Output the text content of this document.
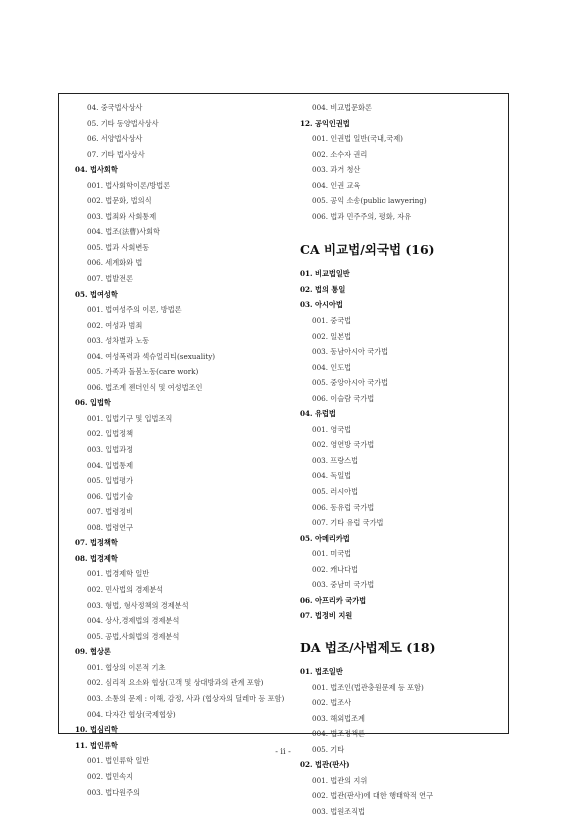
04. 중국법사상사
05. 기타 동양법사상사
06. 서양법사상사
07. 기타 법사상사
04. 법사회학
001. 법사회학이론/방법론
002. 법문화, 법의식
003. 법죄와 사회통제
004. 법조(法曹)사회학
005. 법과 사회변동
006. 세계화와 법
007. 법발전론
05. 법여성학
001. 법여성주의 이론, 방법론
002. 여성과 범죄
003. 성차별과 노동
004. 여성폭력과 섹슈얼리티(sexuality)
005. 가족과 돌봄노동(care work)
006. 법조계 젠더인식 및 여성법조인
06. 입법학
001. 입법기구 및 입법조직
002. 입법정책
003. 입법과정
004. 입법통제
005. 입법평가
006. 입법기술
007. 법령정비
008. 법령연구
07. 법정책학
08. 법경제학
001. 법경제학 일반
002. 민사법의 경제분석
003. 형법, 형사정책의 경제분석
004. 상사,경제법의 경제분석
005. 공법,사회법의 경제분석
09. 협상론
001. 협상의 이론적 기초
002. 심리적 요소와 협상(고객 및 상대방과의 관계 포함)
003. 소통의 문제 : 이해, 감정, 사과 (협상자의 딜레마 등 포함)
004. 다자간 협상(국제협상)
10. 법심리학
11. 법인류학
001. 법인류학 일반
002. 법민속지
003. 법다원주의
004. 비교법문화론
12. 공익인권법
001. 인권법 일반(국내,국제)
002. 소수자 권리
003. 과거 청산
004. 인권 교육
005. 공익 소송(public lawyering)
006. 법과 민주주의, 평화, 자유
CA 비교법/외국법 (16)
01. 비교법일반
02. 법의 통일
03. 아시아법
001. 중국법
002. 일본법
003. 동남아시아 국가법
004. 인도법
005. 중앙아시아 국가법
006. 이슬람 국가법
04. 유럽법
001. 영국법
002. 영연방 국가법
003. 프랑스법
004. 독일법
005. 러시아법
006. 동유럽 국가법
007. 기타 유럽 국가법
05. 아메리카법
001. 미국법
002. 캐나다법
003. 중남미 국가법
06. 아프리카 국가법
07. 법정비 지원
DA 법조/사법제도 (18)
01. 법조일반
001. 법조인(법관충원문제 등 포함)
002. 법조사
003. 해외법조계
004. 법조정책론
005. 기타
02. 법관(판사)
001. 법관의 지위
002. 법관(판사)에 대한 행태학적 연구
003. 법원조직법
- ii -
